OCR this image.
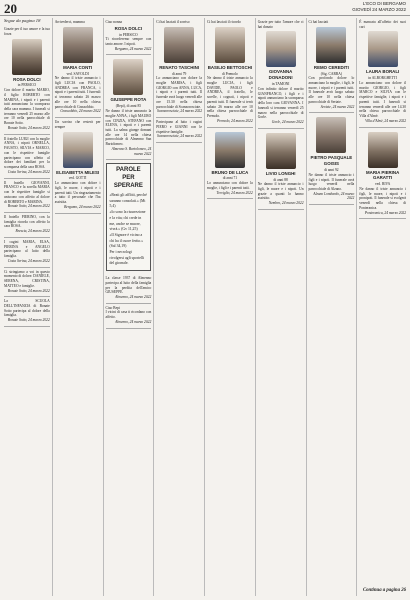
20	L'ECO DI BERGAMO
GIOVEDÌ 24 MARZO 2022
Segue da pagina 18
Grazie per il tuo amore e la tua forza
ROSA DOLCI
in PERSICO
Con dolore il marito MARIO, il figlio ROBERTO con MARINA, i nipoti e i parenti tutti annunciano la scomparsa della cara mamma. I funerali si terranno venerdì 25 marzo alle ore 10 nella parrocchiale di Bonate Sotto.
Bonate Sotto, 24 marzo 2022
Il fratello LUIGI con la moglie ANNA, i nipoti ORNELLA, FAUSTO, SILVIA e MARCO, con le rispettive famiglie partecipano con affetto al dolore dei familiari per la scomparsa della cara ROSA.
Costa Serina, 24 marzo 2022
Il fratello GIOVANNI, FRANCO e la sorella MARIA con le rispettive famiglie si uniscono con affetto al dolore di ROBERTO e MARINA.
Bonate Sotto, 24 marzo 2022
Il fratello PIERINO, con la famiglia ricorda con affetto la cara ROSA.
Brescia, 24 marzo 2022
I cugini MARIA, ELSA, PIERINA e ANGELO partecipano al lutto della famiglia.
Costa Serina, 24 marzo 2022
Ci stringiamo a voi in questo momento di dolore. DANIELE, SERENA, CRISTINA, MATTEO e famiglie.
Bonate Sotto, 24 marzo 2022
La SCUOLA DELL'INFANZIA di Bonate Sotto partecipa al dolore della famiglia.
Bonate Sotto, 24 marzo 2022
Arrivederci, mamma
MARIA CONTI
ved. SAVOLDI
Ne danno il triste annuncio i figli LUCIA con PAOLO, ANDREA con FRANCA, i nipoti e i parenti tutti. I funerali si terranno sabato 26 marzo alle ore 10 nella chiesa parrocchiale di Grassobbio.
Grassobbio, 24 marzo 2022
Un sorriso che resterà per sempre
ELISABETTA MILESI
ved. GOTTI
Lo annunciano con dolore i figli, le nuore, i nipoti e i parenti tutti. Un ringraziamento a tutto il personale che l'ha assistita.
Bergamo, 24 marzo 2022
Ciao nonna
ROSA DOLCI
in PERSICO
Ti ricorderemo sempre con tanto amore. I nipoti.
Bergamo, 24 marzo 2022
GIUSEPPE ROTA
(Bepi), di anni 85
Ne danno il triste annuncio la moglie ANNA, i figli MAURO con CINZIA, STEFANO con ELENA, i nipoti e i parenti tutti. La salma giunge domani alle ore 14 nella chiesa parrocchiale di Almenno San Bartolomeo.
Almenno S. Bartolomeo, 24 marzo 2022
PAROLE PER SPERARE
«Beati gli afflitti, perché saranno consolati.» (Mt 5,4)
«Io sono la risurrezione e la vita; chi crede in me, anche se muore, vivrà.» (Gv 11,25)
«Il Signore è vicino a chi ha il cuore ferito.» (Sal 34,19)
Per i necrologi rivolgersi agli sportelli del giornale.
La classe 1937 di Almenno partecipa al lutto della famiglia per la perdita dell'amico GIUSEPPE.
Almenno, 24 marzo 2022
Ciao Bepi
I vicini di casa ti ricordano con affetto.
Almenno, 24 marzo 2022
Ci hai lasciati il sorriso
RENATO TASCHINI
di anni 79
Lo annunciano con dolore la moglie MARISA, i figli GIORGIO con ANNA, LUCA, i nipoti e i parenti tutti. Il funerale avrà luogo venerdì alle ore 15.30 nella chiesa parrocchiale di Scanzorosciate.
Scanzorosciate, 24 marzo 2022
Partecipano al lutto i cugini PIERO e GIANNI con le rispettive famiglie.
Scanzorosciate, 24 marzo 2022
Ci hai lasciati il ricordo
BASILIO BETTOSCHI
di Premolo
Ne danno il triste annuncio la moglie LUCIA, i figli DAVIDE, PAOLO e ANDREA, il fratello, le sorelle, i cognati, i nipoti e parenti tutti. Il funerale si terrà sabato 26 marzo alle ore 10 nella chiesa parrocchiale di Premolo.
Premolo, 24 marzo 2022
BRUNO DE LUCA
di anni 71
Lo annunciano con dolore la moglie, i figli e i parenti tutti.
Treviglio, 24 marzo 2022
Grazie per tutto l'amore che ci hai donato
GIOVANNA DONADONI
in TAMONI
Con infinito dolore il marito GIANFRANCO, i figli e i nipoti annunciano la scomparsa della loro cara GIOVANNA. I funerali si terranno venerdì 25 marzo nella parrocchiale di Gorle.
Gorle, 24 marzo 2022
LIVIO LONGHI
di anni 88
Ne danno il triste annuncio i figli, le nuore e i nipoti. Un grazie a quanti lo hanno assistito.
Nembro, 24 marzo 2022
Ci hai lasciati
REMO CEREDITI
(Sig. CARRA)
Con profondo dolore lo annunciano la moglie, i figli, le nuore, i nipoti e i parenti tutti. Il funerale avrà luogo sabato alle ore 10 nella chiesa parrocchiale di Seriate.
Seriate, 24 marzo 2022
PIETRO PASQUALE GOISIS
di anni 92
Ne danno il triste annuncio i figli e i nipoti. Il funerale avrà luogo venerdì nella parrocchiale di Alzano.
Alzano Lombardo, 24 marzo 2022
È mancata all'affetto dei suoi cari
LAURA BORALI
in ALBORGHETTI
Lo annunciano con dolore il marito GIORGIO, i figli MARCO e SILVIA con le rispettive famiglie, i nipoti e i parenti tutti. I funerali si terranno venerdì alle ore 14.30 nella chiesa parrocchiale di Villa d'Almè.
Villa d'Almè, 24 marzo 2022
MARIA PIERINA GARATTI
ved. RIVA
Ne danno il triste annuncio i figli, le nuore, i nipoti e i pronipoti. Il funerale si svolgerà venerdì nella chiesa di Ponteranica.
Ponteranica, 24 marzo 2022
Continua a pagina 26
